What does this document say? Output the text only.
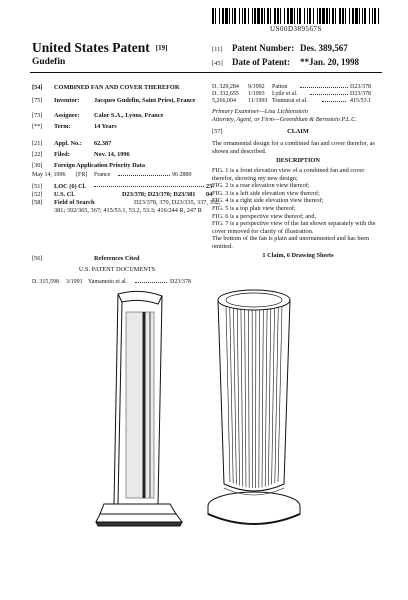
US00D389567S
United States Patent [19]
Gudefin
[11] Patent Number: Des. 389,567
[45] Date of Patent: **Jan. 20, 1998
[54] COMBINED FAN AND COVER THEREFOR
[75] Inventor: Jacques Gudefin, Saint Priest, France
[73] Assignee: Calor S.A., Lyons, France
[**] Term:	14 Years
[21] Appl. No.: 62,387
[22] Filed:	Nov. 14, 1996
[30] Foreign Application Priority Data
May 14, 1996 [FR] France	96 2889
[51] LOC (6) Cl.	23-04
[52] U.S. Cl.	D23/378; D23/370; D23/381
[58] Field of Search	D23/378, 370, D23/335, 337, 332, 381; 392/365, 367; 415/53.1, 53.2, 53.3; 416/244 R, 247 R
[56]	References Cited
U.S. PATENT DOCUMENTS
D. 315,598 3/1991 Yamamoto et al.	D23/378
D. 329,284 9/1992 Patton	D23/378
D. 332,655 1/1993 Lytle et al.	D23/378
5,266,004 11/1993 Tsumurai et al.	415/53.1
Primary Examiner—Lisa Lichtenstein
Attorney, Agent, or Firm—Greenblum & Bernstein P.L.C.
[57]	CLAIM
The ornamental design for a combined fan and cover therefor, as shown and described.
DESCRIPTION
FIG. 1 is a front elevation view of a combined fan and cover therefor, showing my new design;
FIG. 2 is a rear elevation view thereof;
FIG. 3 is a left side elevation view thereof;
FIG. 4 is a right side elevation view thereof;
FIG. 5 is a top plan view thereof;
FIG. 6 is a perspective view thereof; and,
FIG. 7 is a perspective view of the fan shown separately with the cover removed for clarity of illustration.
The bottom of the fan is plain and unornamented and has been omitted.
1 Claim, 6 Drawing Sheets
